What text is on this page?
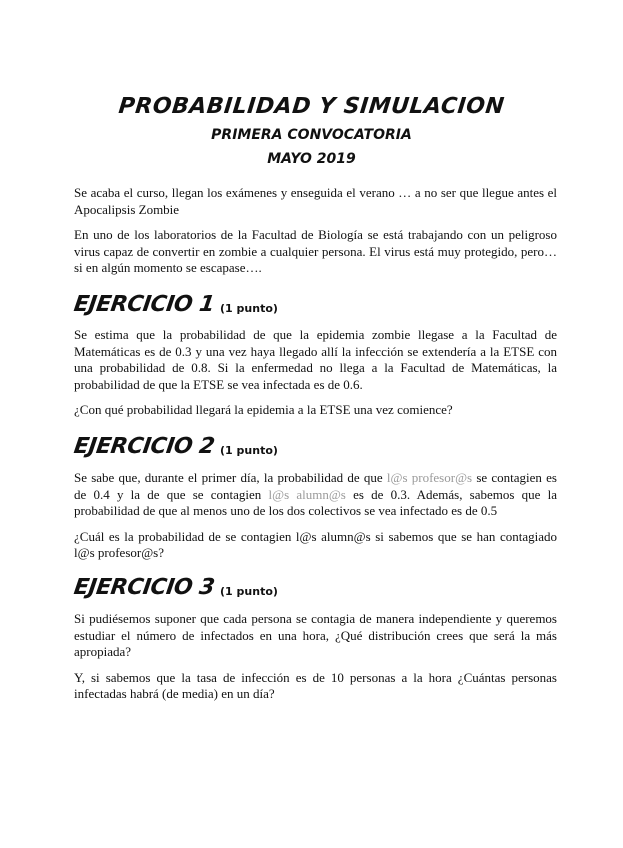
PROBABILIDAD Y SIMULACION
PRIMERA CONVOCATORIA
MAYO 2019

Se acaba el curso, llegan los exámenes y enseguida el verano … a no ser que llegue antes el Apocalipsis Zombie

En uno de los laboratorios de la Facultad de Biología se está trabajando con un peligroso virus capaz de convertir en zombie a cualquier persona. El virus está muy protegido, pero… si en algún momento se escapase….

EJERCICIO 1 (1 punto)

Se estima que la probabilidad de que la epidemia zombie llegase a la Facultad de Matemáticas es de 0.3 y una vez haya llegado allí la infección se extendería a la ETSE con una probabilidad de 0.8. Si la enfermedad no llega a la Facultad de Matemáticas, la probabilidad de que la ETSE se vea infectada es de 0.6.

¿Con qué probabilidad llegará la epidemia a la ETSE una vez comience?

EJERCICIO 2 (1 punto)

Se sabe que, durante el primer día, la probabilidad de que l@s profesor@s se contagien es de 0.4 y la de que se contagien l@s alumn@s es de 0.3. Además, sabemos que la probabilidad de que al menos uno de los dos colectivos se vea infectado es de 0.5

¿Cuál es la probabilidad de se contagien l@s alumn@s si sabemos que se han contagiado l@s profesor@s?

EJERCICIO 3 (1 punto)

Si pudiésemos suponer que cada persona se contagia de manera independiente y queremos estudiar el número de infectados en una hora, ¿Qué distribución crees que será la más apropiada?

Y, si sabemos que la tasa de infección es de 10 personas a la hora ¿Cuántas personas infectadas habrá (de media) en un día?
